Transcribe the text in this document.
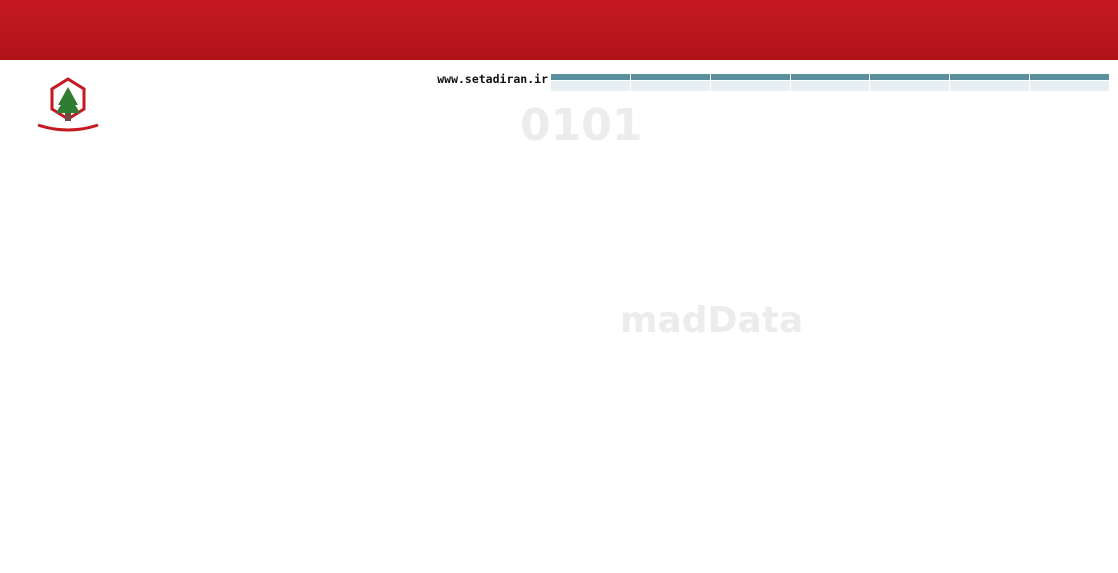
0101
madData

www.setadiran.ir
